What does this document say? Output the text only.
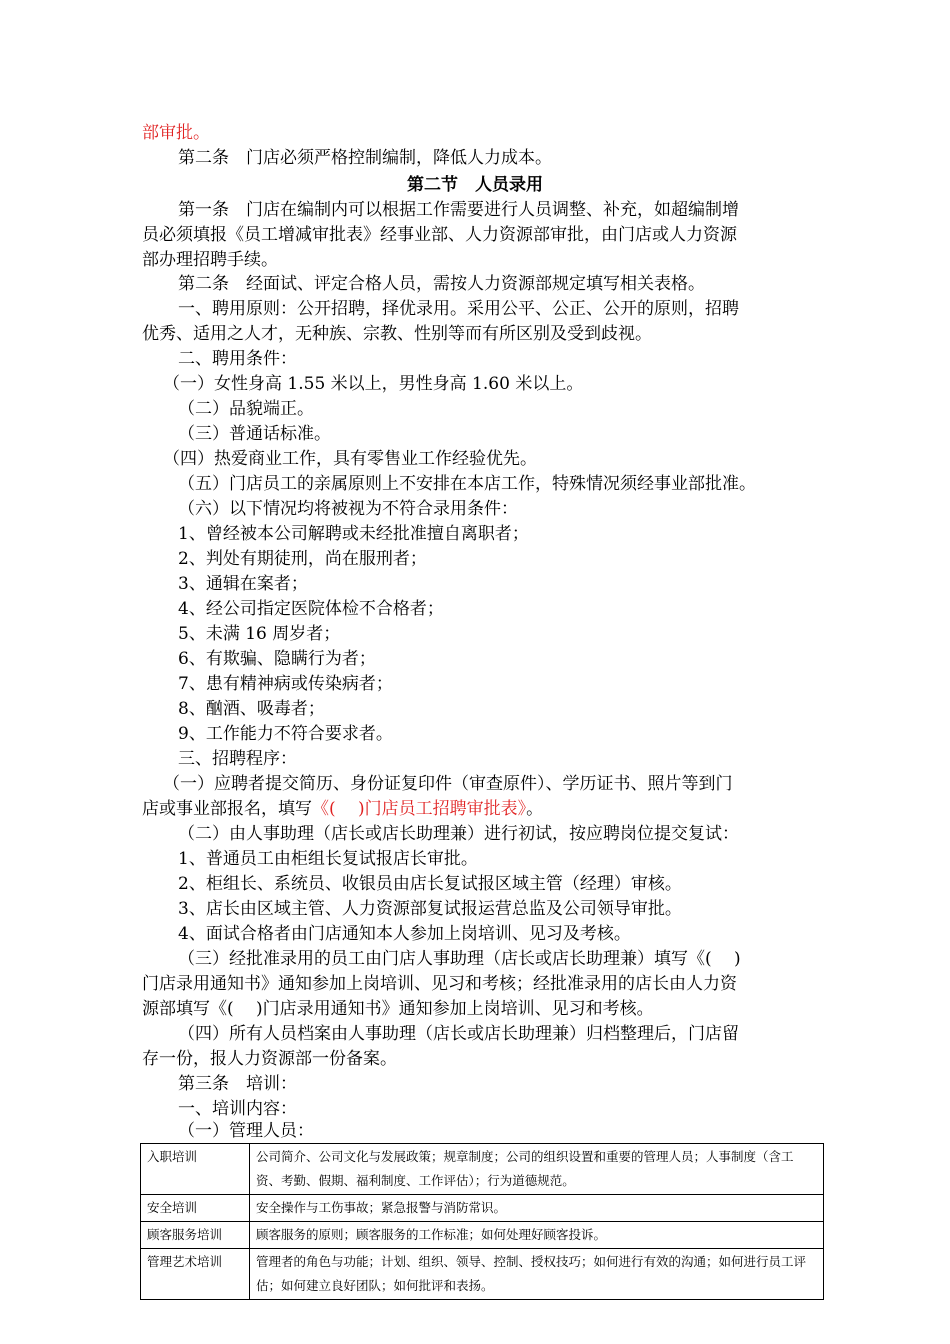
部审批。
第二条　门店必须严格控制编制，降低人力成本。
第二节　人员录用
第一条　门店在编制内可以根据工作需要进行人员调整、补充，如超编制增
员必须填报《员工增减审批表》经事业部、人力资源部审批，由门店或人力资源
部办理招聘手续。
第二条　经面试、评定合格人员，需按人力资源部规定填写相关表格。
一、聘用原则：公开招聘，择优录用。采用公平、公正、公开的原则，招聘
优秀、适用之人才，无种族、宗教、性别等而有所区别及受到歧视。
二、聘用条件：
（一）女性身高 1.55 米以上，男性身高 1.60 米以上。
（二）品貌端正。
（三）普通话标准。
（四）热爱商业工作，具有零售业工作经验优先。
（五）门店员工的亲属原则上不安排在本店工作，特殊情况须经事业部批准。
（六）以下情况均将被视为不符合录用条件：
1、曾经被本公司解聘或未经批准擅自离职者；
2、判处有期徒刑，尚在服刑者；
3、通辑在案者；
4、经公司指定医院体检不合格者；
5、未满 16 周岁者；
6、有欺骗、隐瞒行为者；
7、患有精神病或传染病者；
8、酗酒、吸毒者；
9、工作能力不符合要求者。
三、招聘程序：
（一）应聘者提交简历、身份证复印件（审查原件）、学历证书、照片等到门
店或事业部报名，填写《(　 )门店员工招聘审批表》。
（二）由人事助理（店长或店长助理兼）进行初试，按应聘岗位提交复试：
1、普通员工由柜组长复试报店长审批。
2、柜组长、系统员、收银员由店长复试报区域主管（经理）审核。
3、店长由区域主管、人力资源部复试报运营总监及公司领导审批。
4、面试合格者由门店通知本人参加上岗培训、见习及考核。
（三）经批准录用的员工由门店人事助理（店长或店长助理兼）填写《(　 )
门店录用通知书》通知参加上岗培训、见习和考核；经批准录用的店长由人力资
源部填写《(　 )门店录用通知书》通知参加上岗培训、见习和考核。
（四）所有人员档案由人事助理（店长或店长助理兼）归档整理后，门店留
存一份，报人力资源部一份备案。
第三条　培训：
一、培训内容：
（一）管理人员：
入职培训	公司简介、公司文化与发展政策；规章制度；公司的组织设置和重要的管理人员；人事制度（含工资、考勤、假期、福利制度、工作评估）；行为道德规范。
安全培训	安全操作与工伤事故；紧急报警与消防常识。
顾客服务培训	顾客服务的原则；顾客服务的工作标准；如何处理好顾客投诉。
管理艺术培训	管理者的角色与功能；计划、组织、领导、控制、授权技巧；如何进行有效的沟通；如何进行员工评估；如何建立良好团队；如何批评和表扬。
